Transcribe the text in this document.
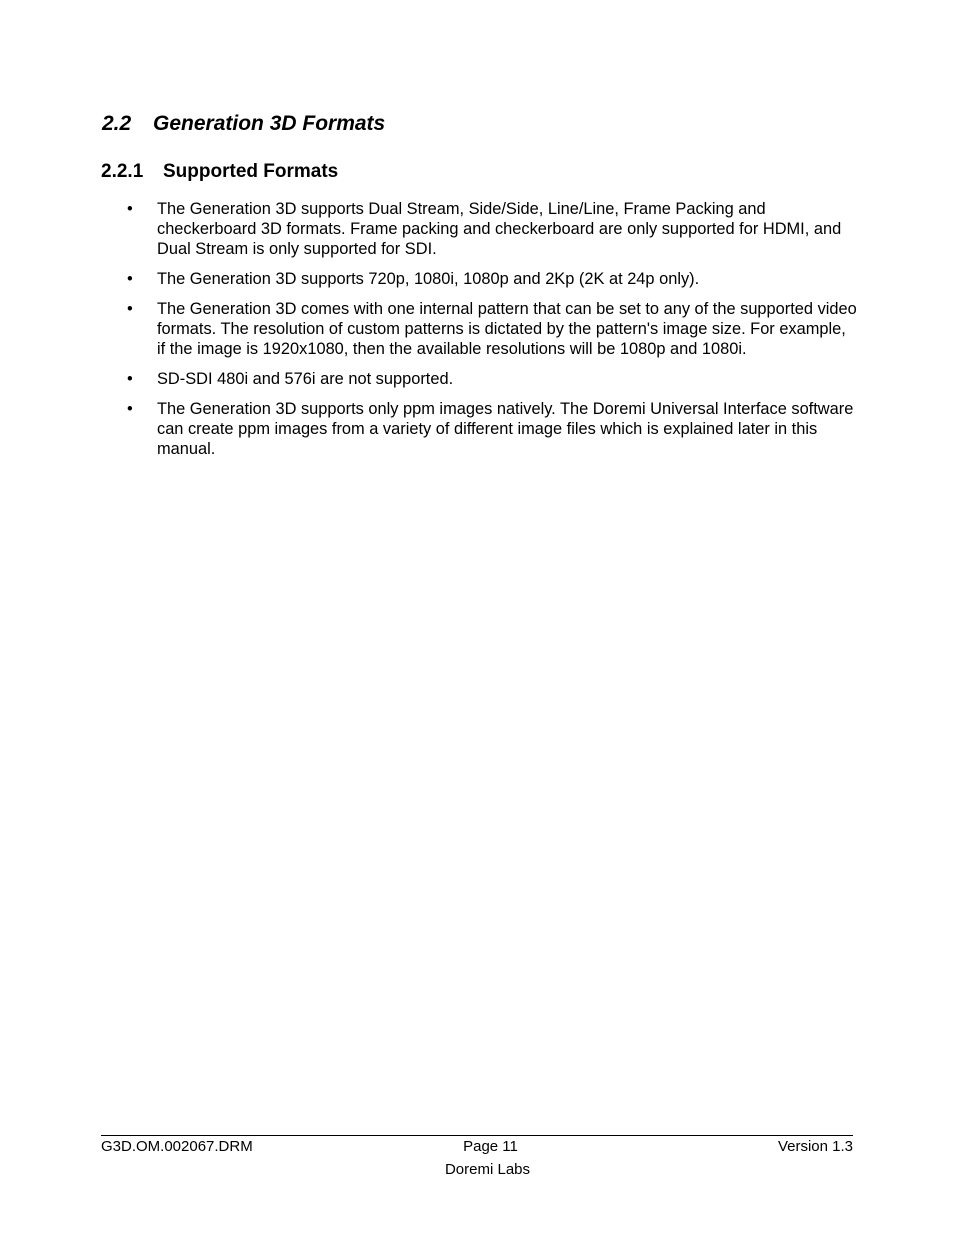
2.2 Generation 3D Formats
2.2.1 Supported Formats
• The Generation 3D supports Dual Stream, Side/Side, Line/Line, Frame Packing and checkerboard 3D formats. Frame packing and checkerboard are only supported for HDMI, and Dual Stream is only supported for SDI.
• The Generation 3D supports 720p, 1080i, 1080p and 2Kp (2K at 24p only).
• The Generation 3D comes with one internal pattern that can be set to any of the supported video formats. The resolution of custom patterns is dictated by the pattern's image size. For example, if the image is 1920x1080, then the available resolutions will be 1080p and 1080i.
• SD-SDI 480i and 576i are not supported.
• The Generation 3D supports only ppm images natively. The Doremi Universal Interface software can create ppm images from a variety of different image files which is explained later in this manual.
G3D.OM.002067.DRM	Page 11	Version 1.3
Doremi Labs
